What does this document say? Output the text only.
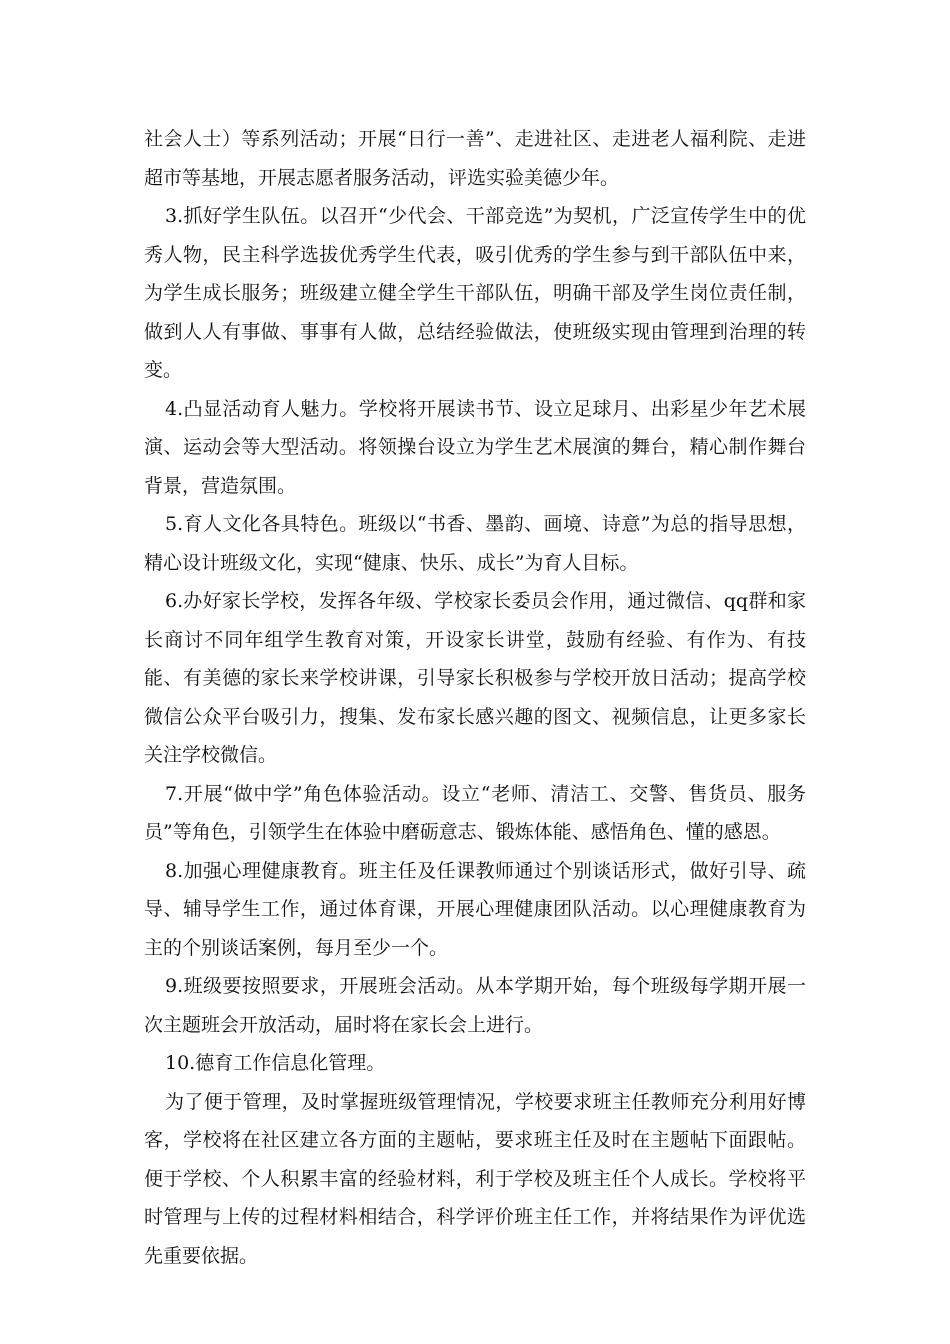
社会人士）等系列活动；开展“日行一善”、走进社区、走进老人福利院、走进超市等基地，开展志愿者服务活动，评选实验美德少年。

3.抓好学生队伍。以召开“少代会、干部竞选”为契机，广泛宣传学生中的优秀人物，民主科学选拔优秀学生代表，吸引优秀的学生参与到干部队伍中来，为学生成长服务；班级建立健全学生干部队伍，明确干部及学生岗位责任制，做到人人有事做、事事有人做，总结经验做法，使班级实现由管理到治理的转变。

4.凸显活动育人魅力。学校将开展读书节、设立足球月、出彩星少年艺术展演、运动会等大型活动。将领操台设立为学生艺术展演的舞台，精心制作舞台背景，营造氛围。

5.育人文化各具特色。班级以“书香、墨韵、画境、诗意”为总的指导思想，精心设计班级文化，实现“健康、快乐、成长”为育人目标。

6.办好家长学校，发挥各年级、学校家长委员会作用，通过微信、qq群和家长商讨不同年组学生教育对策，开设家长讲堂，鼓励有经验、有作为、有技能、有美德的家长来学校讲课，引导家长积极参与学校开放日活动；提高学校微信公众平台吸引力，搜集、发布家长感兴趣的图文、视频信息，让更多家长关注学校微信。

7.开展“做中学”角色体验活动。设立“老师、清洁工、交警、售货员、服务员”等角色，引领学生在体验中磨砺意志、锻炼体能、感悟角色、懂的感恩。

8.加强心理健康教育。班主任及任课教师通过个别谈话形式，做好引导、疏导、辅导学生工作，通过体育课，开展心理健康团队活动。以心理健康教育为主的个别谈话案例，每月至少一个。

9.班级要按照要求，开展班会活动。从本学期开始，每个班级每学期开展一次主题班会开放活动，届时将在家长会上进行。

10.德育工作信息化管理。

为了便于管理，及时掌握班级管理情况，学校要求班主任教师充分利用好博客，学校将在社区建立各方面的主题帖，要求班主任及时在主题帖下面跟帖。便于学校、个人积累丰富的经验材料，利于学校及班主任个人成长。学校将平时管理与上传的过程材料相结合，科学评价班主任工作，并将结果作为评优选先重要依据。
